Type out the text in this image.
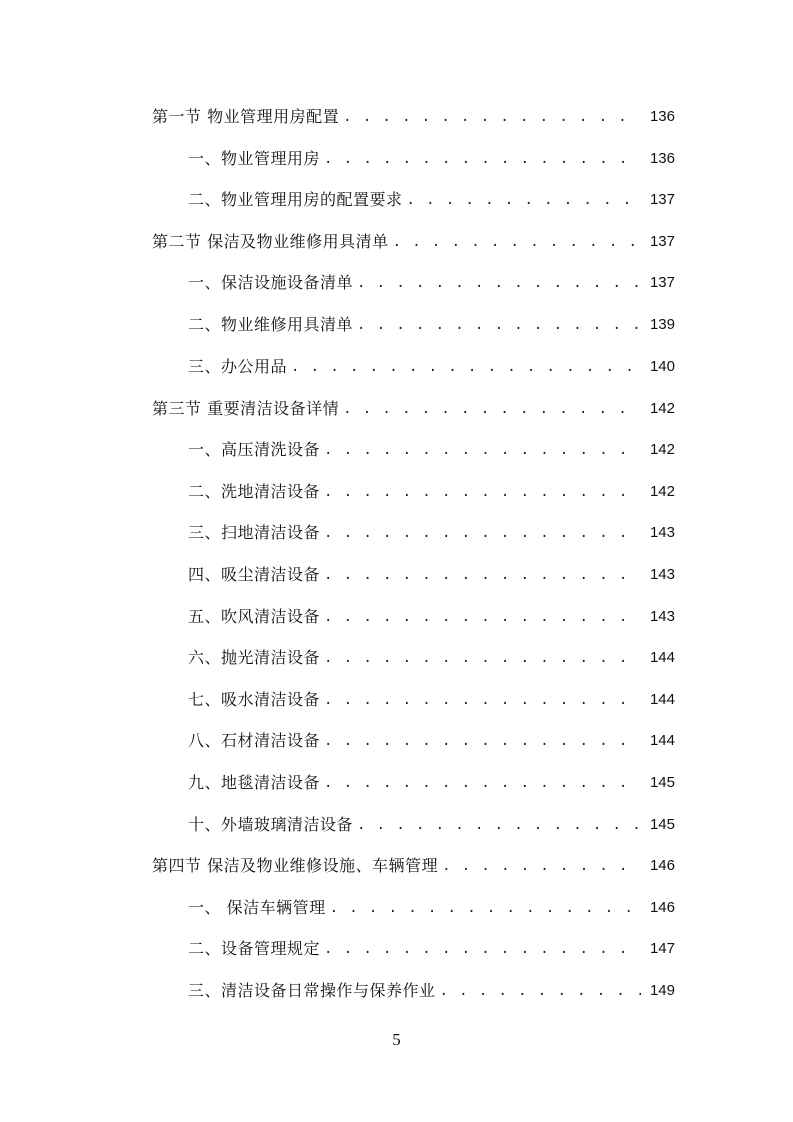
第一节 物业管理用房配置 . . .	136
一、物业管理用房 . . .	136
二、物业管理用房的配置要求 . . .	137
第二节 保洁及物业维修用具清单 . . .	137
一、保洁设施设备清单 . . .	137
二、物业维修用具清单 . . .	139
三、办公用品 . . .	140
第三节 重要清洁设备详情 . . .	142
一、高压清洗设备 . . .	142
二、洗地清洁设备 . . .	142
三、扫地清洁设备 . . .	143
四、吸尘清洁设备 . . .	143
五、吹风清洁设备 . . .	143
六、抛光清洁设备 . . .	144
七、吸水清洁设备 . . .	144
八、石材清洁设备 . . .	144
九、地毯清洁设备 . . .	145
十、外墙玻璃清洁设备 . . .	145
第四节 保洁及物业维修设施、车辆管理 . . .	146
一、 保洁车辆管理 . . .	146
二、设备管理规定 . . .	147
三、清洁设备日常操作与保养作业 . . .	149
5
